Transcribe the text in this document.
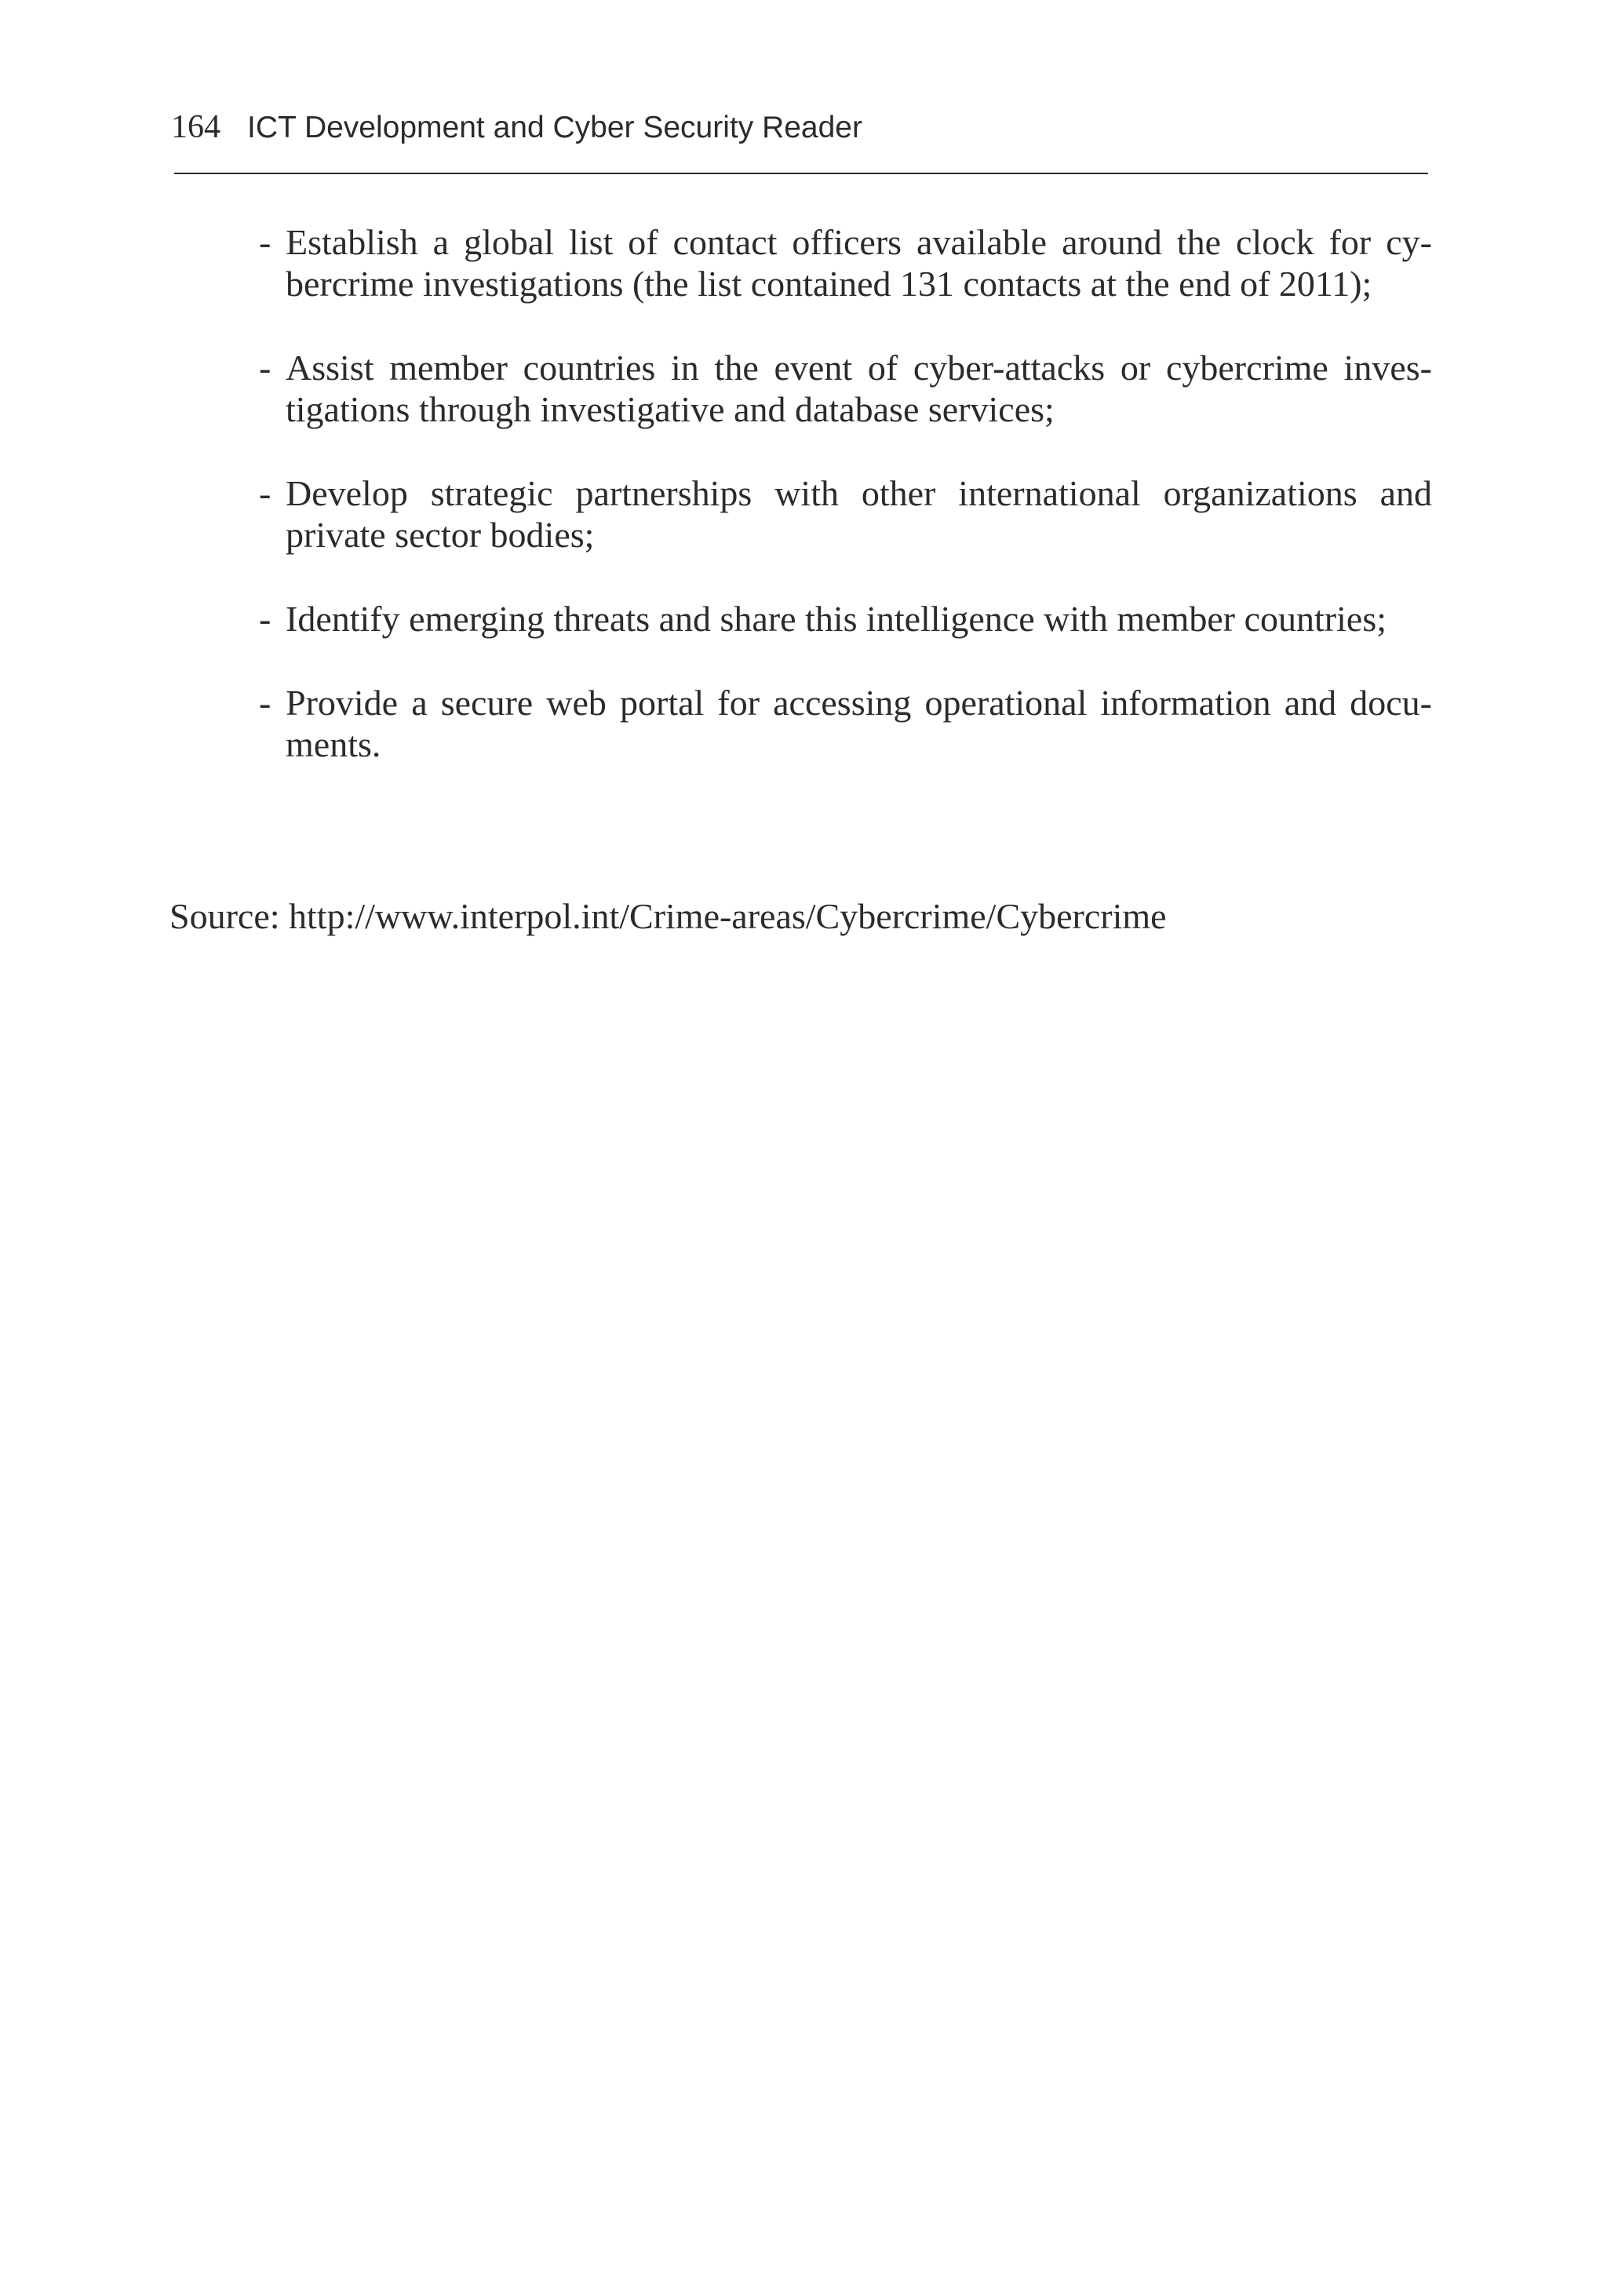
164 ICT Development and Cyber Security Reader
- Establish a global list of contact officers available around the clock for cybercrime investigations (the list contained 131 contacts at the end of 2011);
- Assist member countries in the event of cyber-attacks or cybercrime investigations through investigative and database services;
- Develop strategic partnerships with other international organizations and private sector bodies;
- Identify emerging threats and share this intelligence with member countries;
- Provide a secure web portal for accessing operational information and documents.
Source: http://www.interpol.int/Crime-areas/Cybercrime/Cybercrime
